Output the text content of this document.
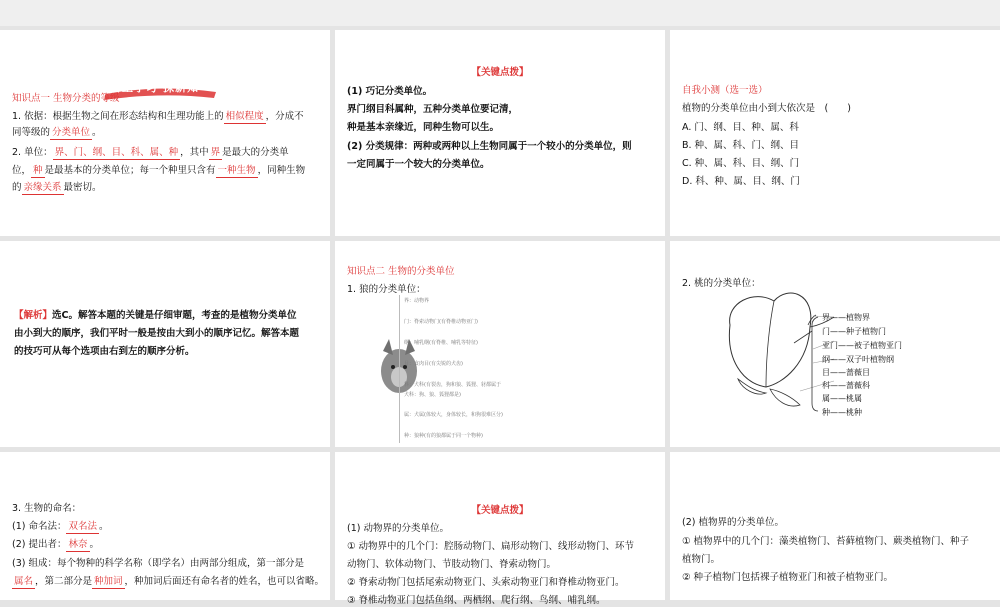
自主学习·探新知
知识点一 生物分类的等级
1. 依据：根据生物之间在形态结构和生理功能上的 相似程度 ，分成不
同等级的 分类单位 。
2. 单位： 界、门、纲、目、科、属、种 ，其中 界 是最大的分类单
位， 种 是最基本的分类单位；每一个种里只含有 一种生物 ，同种生物
的 亲缘关系 最密切。
【关键点拨】
(1) 巧记分类单位。
界门纲目科属种，五种分类单位要记清，
种是基本亲缘近，同种生物可以生。
(2) 分类规律：两种或两种以上生物同属于一个较小的分类单位，则
一定同属于一个较大的分类单位。
自我小测（选一选）
植物的分类单位由小到大依次是　(　　)
A. 门、纲、目、种、属、科
B. 种、属、科、门、纲、目
C. 种、属、科、目、纲、门
D. 科、种、属、目、纲、门
【解析】选C。解答本题的关键是仔细审题，考查的是植物分类单位
由小到大的顺序，我们平时一般是按由大到小的顺序记忆。解答本题
的技巧可从每个选项由右到左的顺序分析。
知识点二 生物的分类单位
1. 狼的分类单位：
界：动物界
门：脊索动物门(有脊椎动物亚门)
纲：哺乳纲(有脊椎、哺乳等特征)
目：食肉目(有尖锐的犬齿)
科：犬科(有裂齿，狗和狼、狐狸、豺都属于
犬科：狗、狼、狐狸都是)
属：犬属(体较大，身体较长，和狗很难区分)
种：狼种(有的狼都属于同一个物种)
2. 桃的分类单位：
界——植物界
门——种子植物门
亚门——被子植物亚门
纲——双子叶植物纲
目——蔷薇目
科——蔷薇科
属——桃属
种——桃种
3. 生物的命名：
(1) 命名法： 双名法 。
(2) 提出者： 林奈 。
(3) 组成：每个物种的科学名称（即学名）由两部分组成，第一部分是
属名 ，第二部分是 种加词 ，种加词后面还有命名者的姓名，也可以省略。
【关键点拨】
(1) 动物界的分类单位。
① 动物界中的几个门：腔肠动物门、扁形动物门、线形动物门、环节
动物门、软体动物门、节肢动物门、脊索动物门。
② 脊索动物门包括尾索动物亚门、头索动物亚门和脊椎动物亚门。
③ 脊椎动物亚门包括鱼纲、两栖纲、爬行纲、鸟纲、哺乳纲。
(2) 植物界的分类单位。
① 植物界中的几个门：藻类植物门、苔藓植物门、蕨类植物门、种子
植物门。
② 种子植物门包括裸子植物亚门和被子植物亚门。
